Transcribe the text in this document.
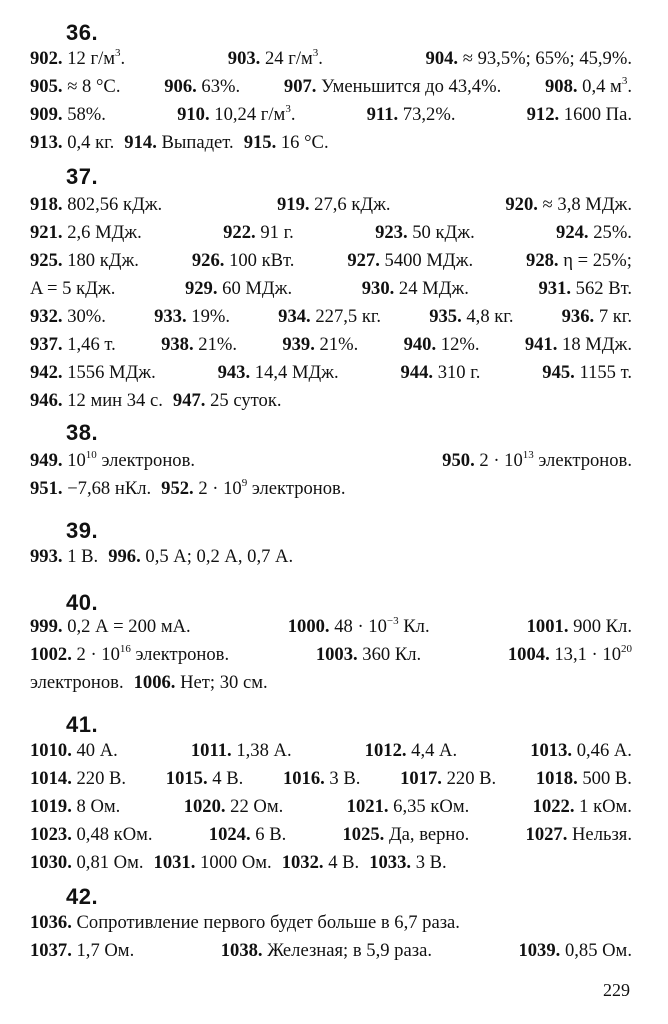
36.
902. 12 $г/м^3$.	903. 24 $г/м^3$.	904. ≈ 93,5%; 65%; 45,9%.
905. ≈ 8 °С. 906. 63%. 907. Уменьшится до 43,4%. 908. 0,4 $м^3$.
909. 58%.	910. 10,24 $г/м^3$.	911. 73,2%.	912. 1600 Па.
913. 0,4 кг. 914. Выпадет. 915. 16 °С.
37.
918. 802,56 кДж.	919. 27,6 кДж.	920. ≈ 3,8 МДж.
921. 2,6 МДж.	922. 91 г.	923. 50 кДж.	924. 25%.
925. 180 кДж.	926. 100 кВт.	927. 5400 МДж.	928. η = 25%;
A = 5 кДж.	929. 60 МДж.	930. 24 МДж.	931. 562 Вт.
932. 30%.	933. 19%.	934. 227,5 кг.	935. 4,8 кг.	936. 7 кг.
937. 1,46 т. 938. 21%. 939. 21%. 940. 12%. 941. 18 МДж.
942. 1556 МДж.	943. 14,4 МДж.	944. 310 г.	945. 1155 т.
946. 12 мин 34 с. 947. 25 суток.
38.
949. $10^{10}$ электронов.	950. $2 \cdot 10^{13}$ электронов.
951. −7,68 нКл. 952. $2 \cdot 10^9$ электронов.
39.
993. 1 В. 996. 0,5 А; 0,2 А, 0,7 А.
40.
999. 0,2 А = 200 мА.	1000. $48 \cdot 10^{-3}$ Кл.	1001. 900 Кл.
1002. $2 \cdot 10^{16}$ электронов.	1003. 360 Кл.	1004. $13,1 \cdot 10^{20}$
электронов. 1006. Нет; 30 см.
41.
1010. 40 А.	1011. 1,38 А.	1012. 4,4 А.	1013. 0,46 А.
1014. 220 В. 1015. 4 В. 1016. 3 В. 1017. 220 В. 1018. 500 В.
1019. 8 Ом.	1020. 22 Ом.	1021. 6,35 кОм.	1022. 1 кОм.
1023. 0,48 кОм.	1024. 6 В.	1025. Да, верно.	1027. Нельзя.
1030. 0,81 Ом. 1031. 1000 Ом. 1032. 4 В. 1033. 3 В.
42.
1036. Сопротивление первого будет больше в 6,7 раза.
1037. 1,7 Ом.	1038. Железная; в 5,9 раза.	1039. 0,85 Ом.
229
